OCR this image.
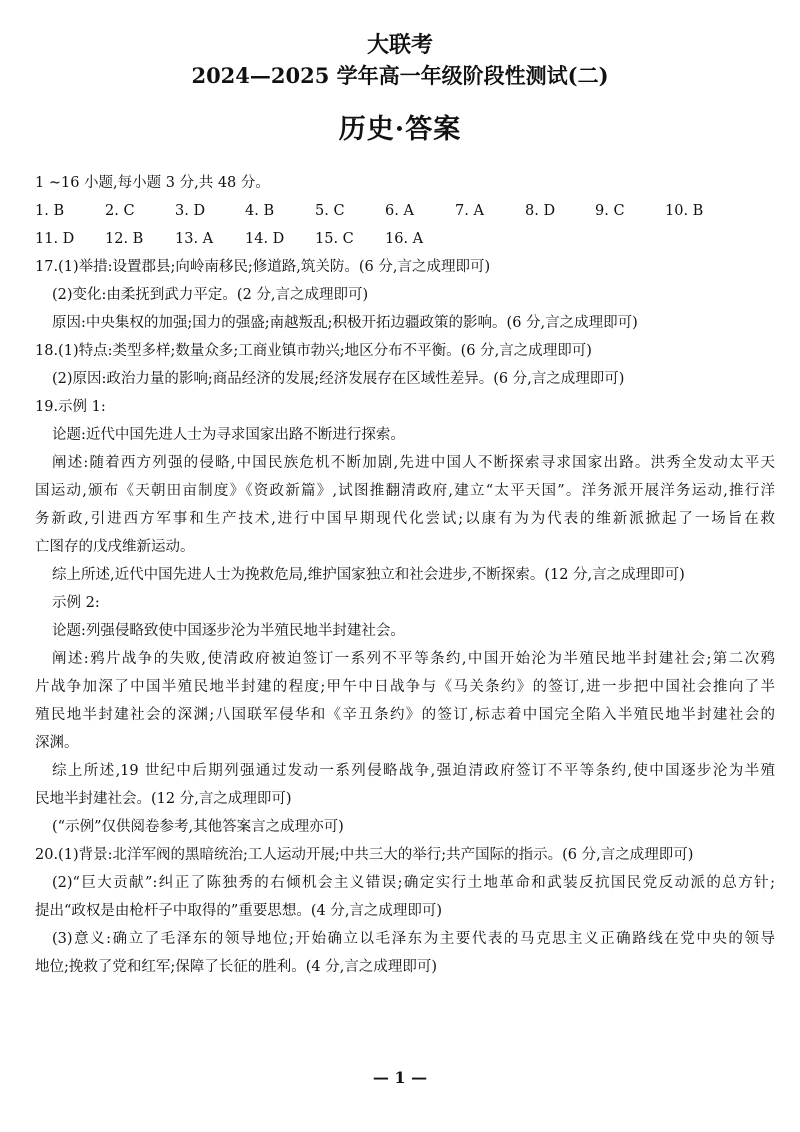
大联考
2024—2025 学年高一年级阶段性测试(二)
历史·答案
1 ~16 小题,每小题 3 分,共 48 分。
1. B	2. C	3. D	4. B	5. C	6. A	7. A	8. D	9. C	10. B
11. D	12. B	13. A	14. D	15. C	16. A
17.(1)举措:设置郡县;向岭南移民;修道路,筑关防。(6 分,言之成理即可)
(2)变化:由柔抚到武力平定。(2 分,言之成理即可)
原因:中央集权的加强;国力的强盛;南越叛乱;积极开拓边疆政策的影响。(6 分,言之成理即可)
18.(1)特点:类型多样;数量众多;工商业镇市勃兴;地区分布不平衡。(6 分,言之成理即可)
(2)原因:政治力量的影响;商品经济的发展;经济发展存在区域性差异。(6 分,言之成理即可)
19.示例 1:
论题:近代中国先进人士为寻求国家出路不断进行探索。
阐述:随着西方列强的侵略,中国民族危机不断加剧,先进中国人不断探索寻求国家出路。洪秀全发动太平天
国运动,颁布《天朝田亩制度》《资政新篇》,试图推翻清政府,建立“太平天国”。洋务派开展洋务运动,推行洋
务新政,引进西方军事和生产技术,进行中国早期现代化尝试;以康有为为代表的维新派掀起了一场旨在救
亡图存的戊戌维新运动。
综上所述,近代中国先进人士为挽救危局,维护国家独立和社会进步,不断探索。(12 分,言之成理即可)
示例 2:
论题:列强侵略致使中国逐步沦为半殖民地半封建社会。
阐述:鸦片战争的失败,使清政府被迫签订一系列不平等条约,中国开始沦为半殖民地半封建社会;第二次鸦
片战争加深了中国半殖民地半封建的程度;甲午中日战争与《马关条约》的签订,进一步把中国社会推向了半
殖民地半封建社会的深渊;八国联军侵华和《辛丑条约》的签订,标志着中国完全陷入半殖民地半封建社会的
深渊。
综上所述,19 世纪中后期列强通过发动一系列侵略战争,强迫清政府签订不平等条约,使中国逐步沦为半殖
民地半封建社会。(12 分,言之成理即可)
(“示例”仅供阅卷参考,其他答案言之成理亦可)
20.(1)背景:北洋军阀的黑暗统治;工人运动开展;中共三大的举行;共产国际的指示。(6 分,言之成理即可)
(2)“巨大贡献”:纠正了陈独秀的右倾机会主义错误;确定实行土地革命和武装反抗国民党反动派的总方针;
提出“政权是由枪杆子中取得的”重要思想。(4 分,言之成理即可)
(3)意义:确立了毛泽东的领导地位;开始确立以毛泽东为主要代表的马克思主义正确路线在党中央的领导
地位;挽救了党和红军;保障了长征的胜利。(4 分,言之成理即可)
— 1 —
